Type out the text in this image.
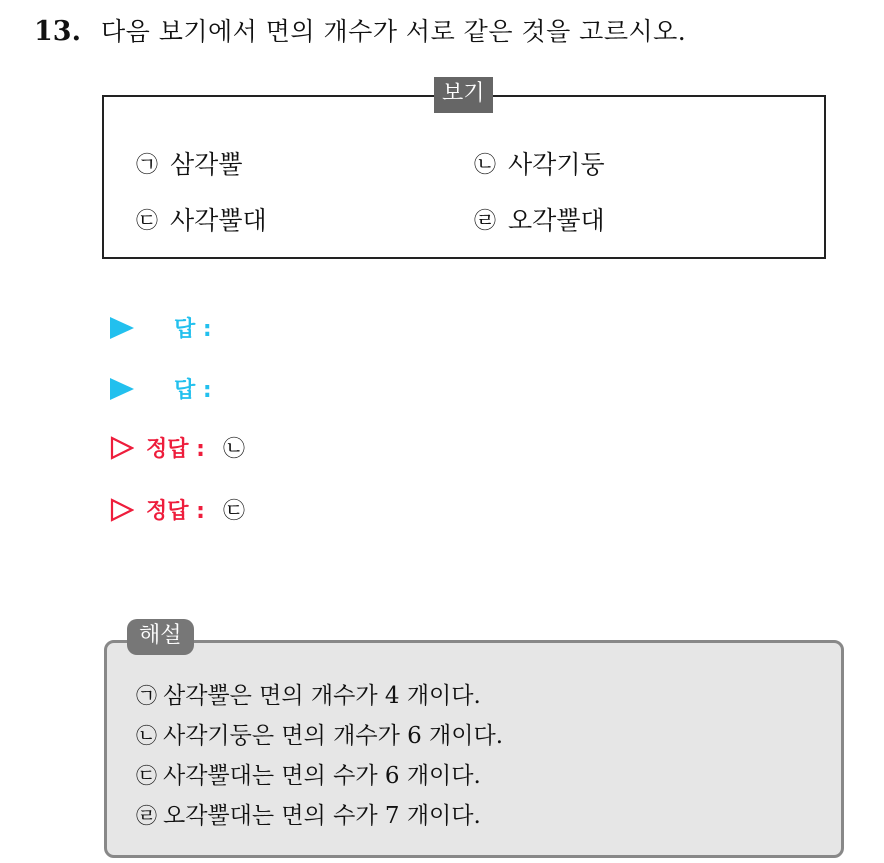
13. 다음 보기에서 면의 개수가 서로 같은 것을 고르시오.
보기
㉠ 삼각뿔	㉡ 사각기둥
㉢ 사각뿔대	㉣ 오각뿔대
답 :
답 :
정답 : ㉡
정답 : ㉢
해설
㉠ 삼각뿔은 면의 개수가 4 개이다.
㉡ 사각기둥은 면의 개수가 6 개이다.
㉢ 사각뿔대는 면의 수가 6 개이다.
㉣ 오각뿔대는 면의 수가 7 개이다.
